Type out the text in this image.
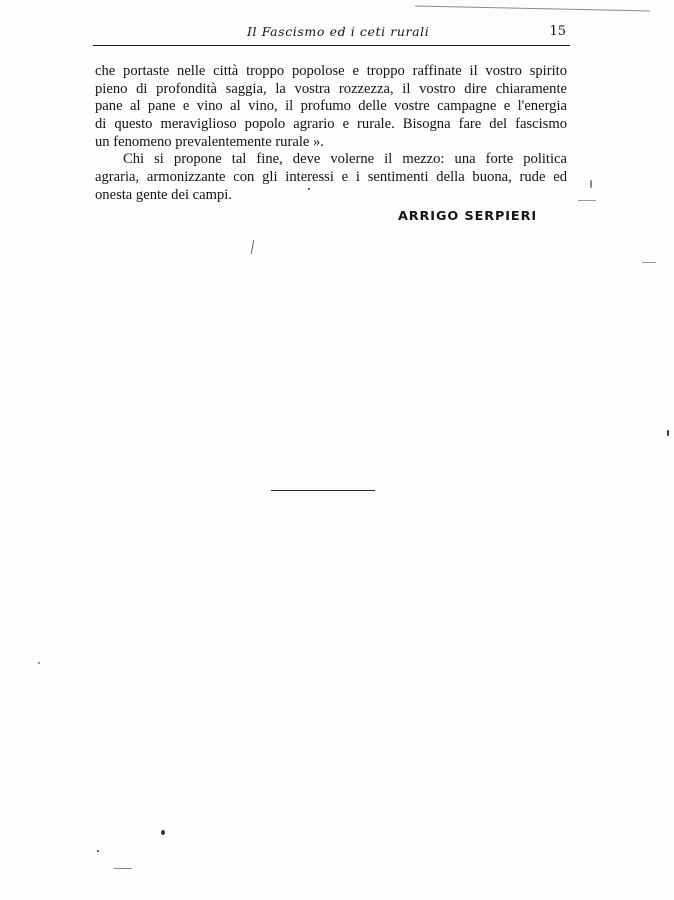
Il Fascismo ed i ceti rurali	15
che portaste nelle città troppo popolose e troppo raffinate il vostro spirito
pieno di profondità saggia, la vostra rozzezza, il vostro dire chiaramente
pane al pane e vino al vino, il profumo delle vostre campagne e l'energia
di questo meraviglioso popolo agrario e rurale. Bisogna fare del fascismo
un fenomeno prevalentemente rurale ».
Chi si propone tal fine, deve volerne il mezzo: una forte politica
agraria, armonizzante con gli interessi e i sentimenti della buona, rude ed
onesta gente dei campi.
ARRIGO SERPIERI
